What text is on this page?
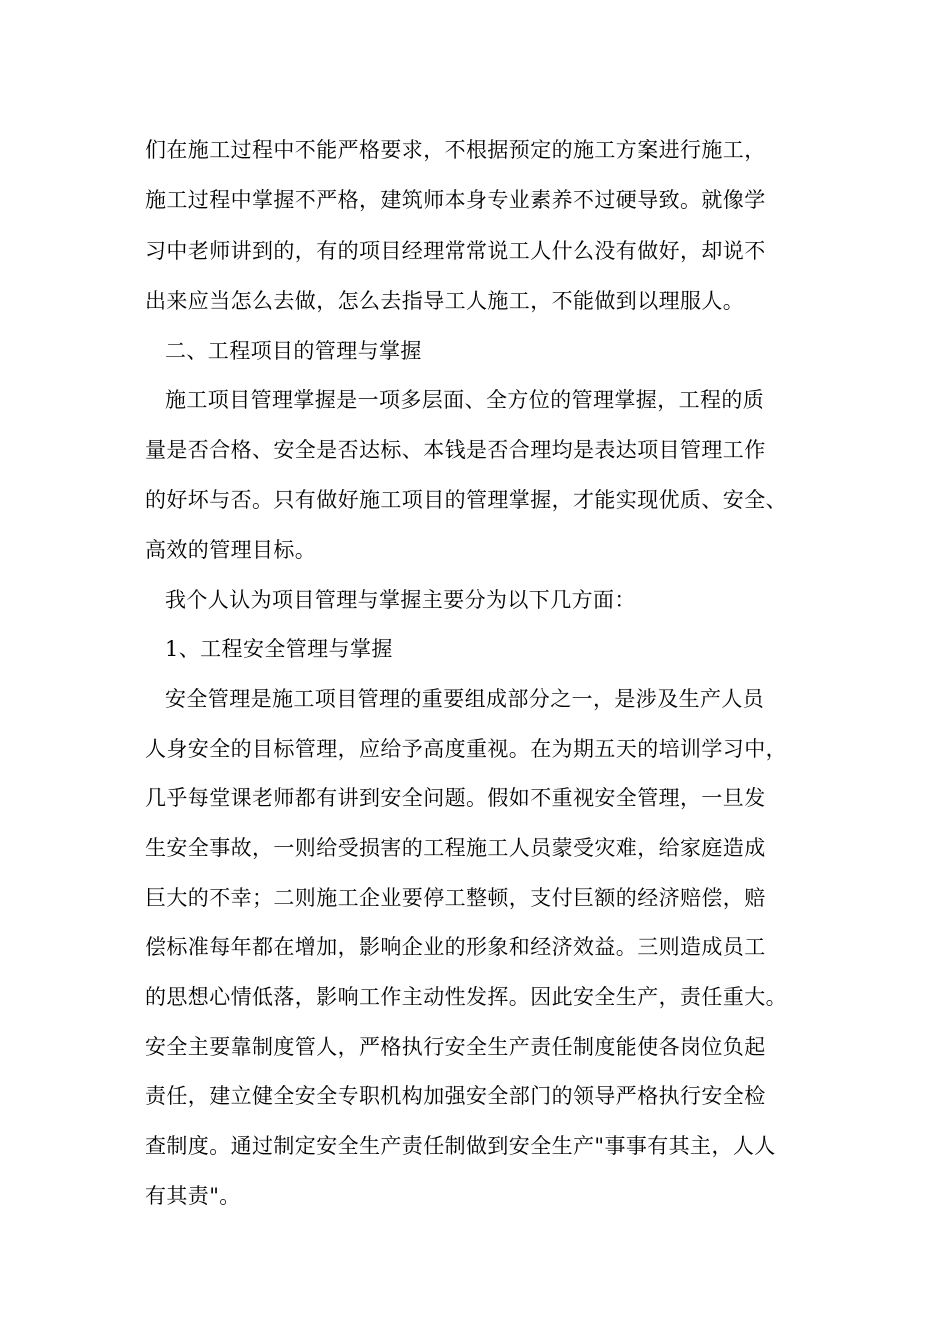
们在施工过程中不能严格要求，不根据预定的施工方案进行施工，
施工过程中掌握不严格，建筑师本身专业素养不过硬导致。就像学
习中老师讲到的，有的项目经理常常说工人什么没有做好，却说不
出来应当怎么去做，怎么去指导工人施工，不能做到以理服人。
二、工程项目的管理与掌握
施工项目管理掌握是一项多层面、全方位的管理掌握，工程的质
量是否合格、安全是否达标、本钱是否合理均是表达项目管理工作
的好坏与否。只有做好施工项目的管理掌握，才能实现优质、安全、
高效的管理目标。
我个人认为项目管理与掌握主要分为以下几方面：
1、工程安全管理与掌握
安全管理是施工项目管理的重要组成部分之一，是涉及生产人员
人身安全的目标管理，应给予高度重视。在为期五天的培训学习中，
几乎每堂课老师都有讲到安全问题。假如不重视安全管理，一旦发
生安全事故，一则给受损害的工程施工人员蒙受灾难，给家庭造成
巨大的不幸；二则施工企业要停工整顿，支付巨额的经济赔偿，赔
偿标准每年都在增加，影响企业的形象和经济效益。三则造成员工
的思想心情低落，影响工作主动性发挥。因此安全生产，责任重大。
安全主要靠制度管人，严格执行安全生产责任制度能使各岗位负起
责任，建立健全安全专职机构加强安全部门的领导严格执行安全检
查制度。通过制定安全生产责任制做到安全生产"事事有其主，人人
有其责"。
